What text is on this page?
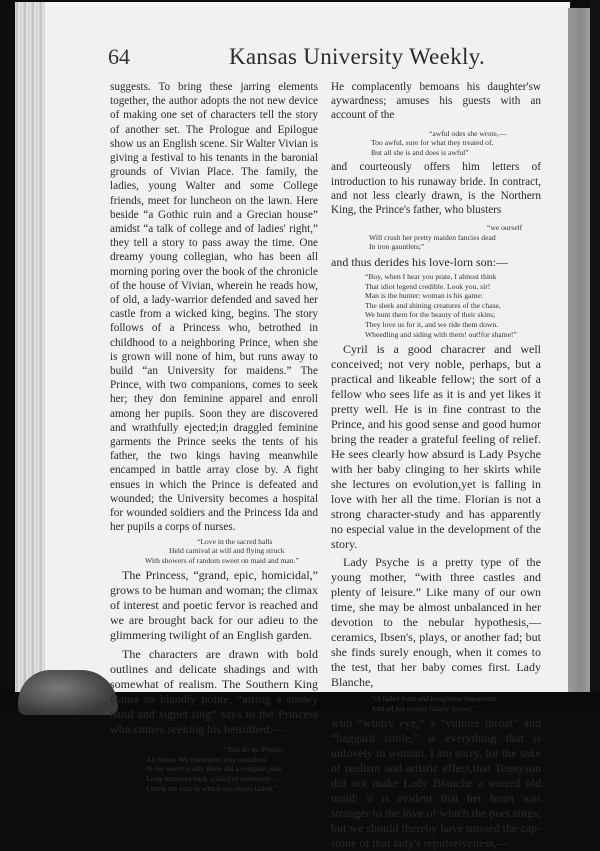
64	Kansas University Weekly.

suggests. To bring these jarring elements together, the author adopts the not new device of making one set of characters tell the story of another set. The Prologue and Epilogue show us an English scene. Sir Walter Vivian is giving a festival to his tenants in the baronial grounds of Vivian Place. The family, the ladies, young Walter and some College friends, meet for luncheon on the lawn. Here beside “a Gothic ruin and a Grecian house” amidst “a talk of college and of ladies' right,” they tell a story to pass away the time. One dreamy young collegian, who has been all morning poring over the book of the chronicle of the house of Vivian, wherein he reads how, of old, a lady-warrior defended and saved her castle from a wicked king, begins. The story follows of a Princess who, betrothed in childhood to a neighboring Prince, when she is grown will none of him, but runs away to build “an University for maidens.” The Prince, with two companions, comes to seek her; they don feminine apparel and enroll among her pupils. Soon they are discovered and wrathfully ejected;in draggled feminine garments the Prince seeks the tents of his father, the two kings having meanwhile encamped in battle array close by. A fight ensues in which the Prince is defeated and wounded; the University becomes a hospital for wounded soldiers and the Princess Ida and her pupils a corps of nurses.

“Love in the sacred halls
Held carnival at will and flying struck
With showers of random sweet on maid and man.”

The Princess, “grand, epic, homicidal,” grows to be human and woman; the climax of interest and poetic fervor is reached and we are brought back for our adieu to the glimmering twilight of an English garden.

The characters are drawn with bold outlines and delicate shadings and with somewhat of realism. The Southern King Gama so blandly polite, “airing a snowy hand and signet ring” says to the Princess who comes seeking his betrothed:—

“You do us, Prince,
All honor. We remember love ourselves
In our sweet youth: there did a compact pass
Long summers back ,a kind of ceremony—
I think the year in which our olives failed.”

He complacently bemoans his daughter'sw aywardness; amuses his guests with an account of the

“awful odes she wrote,—
Too awful, sure for what they treated of,
But all she is and does is awful”

and courteously offers him letters of introduction to his runaway bride. In contract, and not less clearly drawn, is the Northern King, the Prince's father, who blusters

“we ourself
Will crush her pretty maiden fancies dead
In iron gauntlets;”

and thus derides his love-lorn son:—

“Boy, when I hear you prate, I almost think
That idiot legend credible. Look you, sir!
Man is the hunter: woman is his game:
The sleek and shining creatures of the chase,
We hunt them for the beauty of their skins;
They love us for it, and we ride them down.
Wheedling and siding with them! out!for shame!”

Cyril is a good characrer and well conceived; not very noble, perhaps, but a practical and likeable fellow; the sort of a fellow who sees life as it is and yet likes it pretty well. He is in fine contrast to the Prince, and his good sense and good humor bring the reader a grateful feeling of relief. He sees clearly how absurd is Lady Psyche with her baby clinging to her skirts while she lectures on evolution,yet is falling in love with her all the time. Florian is not a strong character-study and has apparently no especial value in the development of the story.

Lady Psyche is a pretty type of the young mother, “with three castles and plenty of leisure.” Like many of our own time, she may be almost unbalanced in her devotion to the nebular hypothesis,—ceramics, Ibsen's, plays, or another fad; but she finds surely enough, when it comes to the test, that her baby comes first. Lady Blanche,

“of faded form and haughtiest lineaments
And all her tresses falsely brown”

with “wintry eye,” a “vulture throat” and “haggard smile,” is everything that is unlovely in woman. I am sorry, for the sake of realism and artistic effect,that Tennyson did not make Lady Blanche a soured old maid; it is evident that her heart was stranger to the love of which the poet sings; but we should thereby have missed the cap-stone of that lady's repulseiveness,—
